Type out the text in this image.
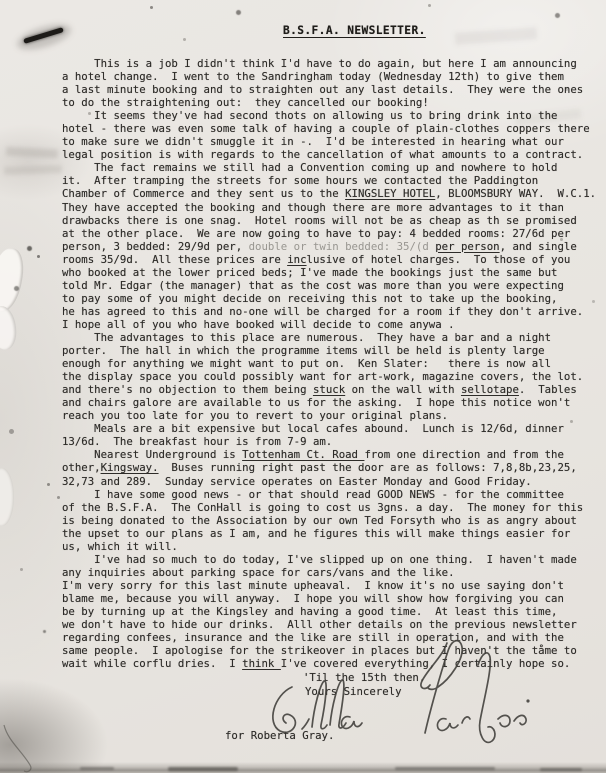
B.S.F.A. NEWSLETTER.
This is a job I didn't think I'd have to do again, but here I am announcing
a hotel change.  I went to the Sandringham today (Wednesday 12th) to give them
a last minute booking and to straighten out any last details.  They were the ones
to do the straightening out:  they cancelled our booking!
It seems they've had second thots on allowing us to bring drink into the
hotel - there was even some talk of having a couple of plain-clothes coppers there
to make sure we didn't smuggle it in -.  I'd be interested in hearing what our
legal position is with regards to the cancellation of what amounts to a contract.
The fact remains we still had a Convention coming up and nowhere to hold
it.  After tramping the streets for some hours we contacted the Paddington
Chamber of Commerce and they sent us to the KINGSLEY HOTEL, BLOOMSBURY WAY.  W.C.1.
They have accepted the booking and though there are more advantages to it than
drawbacks there is one snag.  Hotel rooms will not be as cheap as th se promised
at the other place.  We are now going to have to pay: 4 bedded rooms: 27/6d per
person, 3 bedded: 29/9d per, double or twin bedded: 35/(d per person, and single
rooms 35/9d.  All these prices are inclusive of hotel charges.  To those of you
who booked at the lower priced beds; I've made the bookings just the same but
told Mr. Edgar (the manager) that as the cost was more than you were expecting
to pay some of you might decide on receiving this not to take up the booking,
he has agreed to this and no-one will be charged for a room if they don't arrive.
I hope all of you who have booked will decide to come anywa .
The advantages to this place are numerous.  They have a bar and a night
porter.  The hall in which the programme items will be held is plenty large
enough for anything we might want to put on.  Ken Slater:   there is now all
the display space you could possibly want for art-work, magazine covers, the lot.
and there's no objection to them being stuck on the wall with sellotape.  Tables
and chairs galore are available to us for the asking.  I hope this notice won't
reach you too late for you to revert to your original plans.
Meals are a bit expensive but local cafes abound.  Lunch is 12/6d, dinner
13/6d.  The breakfast hour is from 7-9 am.
Nearest Underground is Tottenham Ct. Road from one direction and from the
other,Kingsway.  Buses running right past the door are as follows: 7,8,8b,23,25,
32,73 and 289.  Sunday service operates on Easter Monday and Good Friday.
I have some good news - or that should read GOOD NEWS - for the committee
of the B.S.F.A.  The ConHall is going to cost us 3gns. a day.  The money for this
is being donated to the Association by our own Ted Forsyth who is as angry about
the upset to our plans as I am, and he figures this will make things easier for
us, which it will.
I've had so much to do today, I've slipped up on one thing.  I haven't made
any inquiries about parking space for cars/vans and the like.
I'm very sorry for this last minute upheaval.  I know it's no use saying don't
blame me, because you will anyway.  I hope you will show how forgiving you can
be by turning up at the Kingsley and having a good time.  At least this time,
we don't have to hide our drinks.  Alll other details on the previous newsletter
regarding confees, insurance and the like are still in operation, and with the
same people.  I apologise for the strikeover in places but I haven't the tåme to
wait while corflu dries.  I think I've covered everything, I certainly hope so.
'Til the 15th then.
Yours Sincerely
for Roberta Gray.
